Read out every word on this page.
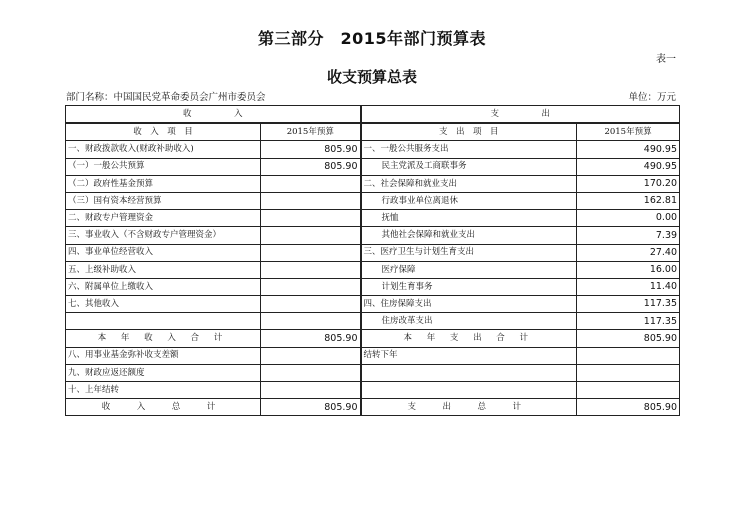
第三部分　2015年部门预算表
表一
收支预算总表
部门名称：中国国民党革命委员会广州市委员会	单位：万元
收　　　　　入		支　　　　　出	
收　入　项　目	2015年预算	支　出　项　目	2015年预算
一、财政拨款收入(财政补助收入)	805.90	一、一般公共服务支出	490.95
（一）一般公共预算	805.90	民主党派及工商联事务	490.95
（二）政府性基金预算		二、社会保障和就业支出	170.20
（三）国有资本经营预算		行政事业单位离退休	162.81
二、财政专户管理资金		抚恤	0.00
三、事业收入（不含财政专户管理资金）		其他社会保障和就业支出	7.39
四、事业单位经营收入		三、医疗卫生与计划生育支出	27.40
五、上级补助收入		医疗保障	16.00
六、附属单位上缴收入		计划生育事务	11.40
七、其他收入		四、住房保障支出	117.35
		住房改革支出	117.35
本 年 收 入 合 计	805.90	本 年 支 出 合 计	805.90
八、用事业基金弥补收支差额		结转下年	
九、财政应返还额度			
十、上年结转			
收　入　总　计	805.90	支　出　总　计	805.90
